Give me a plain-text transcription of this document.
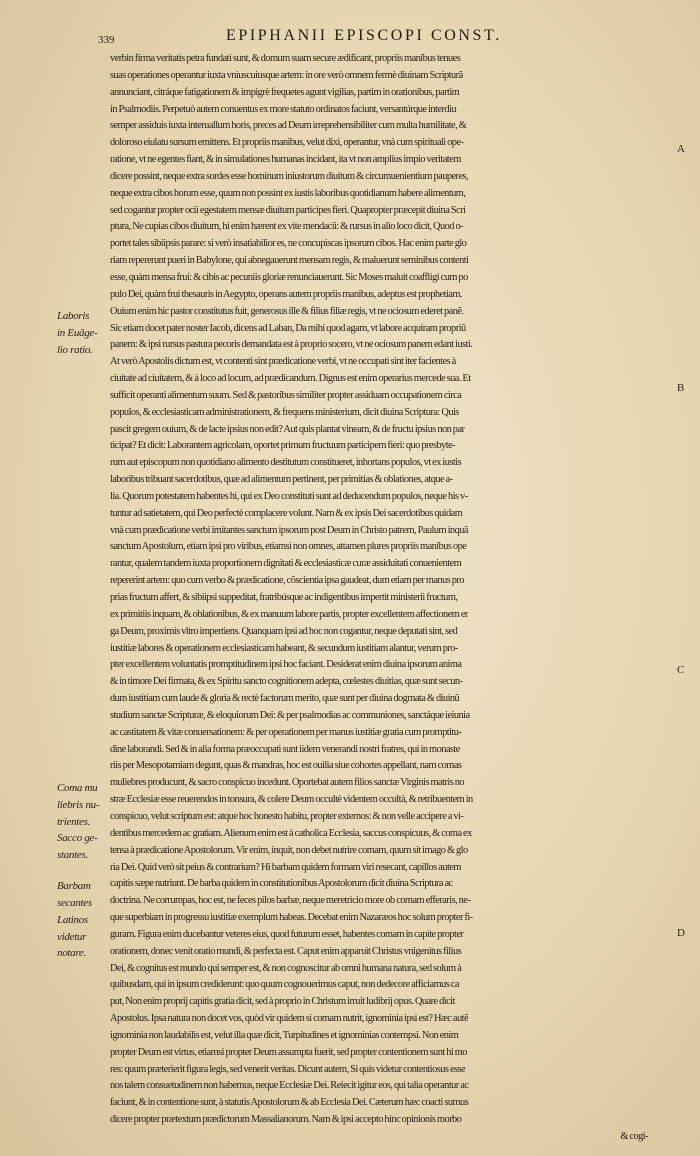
339	EPIPHANII EPISCOPI CONST.
verbin firma veritatis petra fundati sunt, & domum suam secure ædificant, propriis manibus tenues
suas operationes operantur iuxta vniuscuiusque artem: in ore verò omnem fermè diuinam Scripturã
annunciant, citráque fatigationem & impigrè frequetes agunt vigilias, partim in orationibus, partim
in Psalmodiis. Perpetuò autem conuentus ex more statuto ordinatos faciunt, versantúrque interdiu
semper assiduis iuxta interuallum horis, preces ad Deum irreprehensibiliter cum multa humilitate, &
doloroso eiulatu sursum emittens. Et propriis manibus, velut dixi, operantur, vnà cum spirituali ope-
ratione, vt ne egentes fiant, & in simulationes humanas incidant, ita vt non amplius impio veritatem
dicere possint, neque extra sordes esse hominum iniustorum diuitum & circumuenientium pauperes,
neque extra cibos horum esse, quum non possint ex iustis laboribus quotidianum habere alimentum,
sed cogantur propter ocii egestatem mensæ diuitum participes fieri. Quapropter præcepit diuina Scri
ptura, Ne cupias cibos diuitum, hi enim hærent ex vite mendacii: & rursus in alio loco dicit, Quod o-
portet tales sibiipsis parare: si verò insatiabilior es, ne concupiscas ipsorum cibos. Hac enim parte glo
riam repererunt pueri in Babylone, qui abnegauerunt mensam regis, & maluerunt seminibus contenti
esse, quàm mensa frui: & cibis ac pecuniis gloriæ renunciauerunt. Sic Moses maluit coaffligi cum po
pulo Dei, quàm frui thesauris in Aegypto, operans autem propriis manibus, adeptus est prophetiam.
Ouium enim hic pastor constitutus fuit, generosus ille & filius filiæ regis, vt ne ociosum ederet panẽ.
Sic etiam docet pater noster Iacob, dicens ad Laban, Da mihi quod agam, vt labore acquiram propriũ
panem: & ipsi rursus pastura pecoris demandata est à proprio socero, vt ne ociosum panem edant iusti.
At verò Apostolis dictum est, vt contenti sint prædicatione verbi, vt ne occupati sint iter facientes à
ciuitate ad ciuitatem, & à loco ad locum, ad prædicandum. Dignus est enim operarius mercede sua. Et
sufficit operanti alimentum suum. Sed & pastoribus similiter propter assiduam occupationem circa
populos, & ecclesiasticam administrationem, & frequens ministerium, dicit diuina Scriptura: Quis
pascit gregem ouium, & de lacte ipsius non edit? Aut quis plantat vineam, & de fructu ipsius non par
ticipat? Et dicit: Laborantem agricolam, oportet primum fructuum participem fieri: quo presbyte-
rum aut episcopum non quotidiano alimento destitutum constitueret, inhortans populos, vt ex iustis
laboribus tribuant sacerdotibus, quæ ad alimentum pertinent, per primitias & oblationes, atque a-
lia. Quorum potestatem habentes hi, qui ex Deo constituti sunt ad deducendum populos, neque his v-
tuntur ad satietatem, qui Deo perfectè complacere volunt. Nam & ex ipsis Dei sacerdotibus quidam
vnà cum prædicatione verbi imitantes sanctum ipsorum post Deum in Christo patrem, Paulum inquã
sanctum Apostolum, etiam ipsi pro viribus, etiamsi non omnes, attamen plures propriis manibus ope
rantur, qualem tandem iuxta proportionem dignitati & ecclesiasticæ curæ assiduitati conuenientem
repererint artem: quo cum verbo & prædicatione, cõscientia ipsa gaudeat, dum etiam per manus pro
prias fructum affert, & sibiipsi suppeditat, fratribúsque ac indigentibus impertit ministerii fructum,
ex primitiis inquam, & oblationibus, & ex manuum labore partis, propter excellentem affectionem er
ga Deum, proximis vltro impertiens. Quanquam ipsi ad hoc non cogantur, neque deputati sint, sed
iustitiæ labores & operationem ecclesiasticam habeant, & secundum iustitiam alantur, verum pro-
pter excellentem voluntatis promptitudinem ipsi hoc faciant. Desiderat enim diuina ipsorum anima
& in timore Dei firmata, & ex Spiritu sancto cognitionem adepta, cœlestes diuitias, quæ sunt secun-
dum iustitiam cum laude & gloria & rectè factorum merito, quæ sunt per diuina dogmata & diuinũ
studium sanctæ Scripturæ, & eloquiorum Dei: & per psalmodias ac communiones, sanctáque ieiunia
ac castitatem & vitæ conuersationem: & per operationem per manus iustitiæ gratia cum promptitu-
dine laborandi. Sed & in alia forma præoccupati sunt iidem venerandi nostri fratres, qui in monaste
riis per Mesopotamiam degunt, quas & mandras, hoc est ouilia siue cohortes appellant, nam comas
muliebres producunt, & sacro conspicuo incedunt. Oportebat autem filios sanctæ Virginis matris no
stræ Ecclesiæ esse reuerendos in tonsura, & colere Deum occultè videntem occultà, & retribuentem in
conspicuo, velut scriptum est: atque hoc honesto habitu, propter externos: & non velle accipere a vi-
dentibus mercedem ac gratiam. Alienum enim est à catholica Ecclesia, saccus conspicuus, & coma ex
tensa à prædicatione Apostolorum. Vir enim, inquit, non debet nutrire comam, quum sit imago & glo
ria Dei. Quid verò sit peius & contrarium? Hi barbam quidem formam viri resecant, capillos autem
capitis sæpe nutriunt. De barba quidem in constitutionibus Apostolorum dicit diuina Scriptura ac
doctrina. Ne corrumpas, hoc est, ne feces pilos barbæ, neque meretricio more ob comam efferaris, ne-
que superbiam in progressu iustitiæ exemplum habeas. Decebat enim Nazaræos hoc solum propter fi-
guram. Figura enim ducebantur veteres eius, quod futurum esset, habentes comam in capite propter
orationem, donec venit oratio mundi, & perfecta est. Caput enim apparuit Christus vnigenitus filius
Dei, & cognitus est mundo qui semper est, & non cognoscitur ab omni humana natura, sed solum à
quibusdam, qui in ipsum crediderunt: quo quum cognouerimus caput, non dedecore afficiamus ca
put, Non enim proprij capitis gratia dicit, sed à proprio in Christum irruit ludibrij opus. Quare dicit
Apostolus. Ipsa natura non docet vos, quòd vir quidem si comam nutrit, ignominia ipsi est? Hæc autẽ
ignominia non laudabilis est, velut illa quæ dicit, Turpitudines et ignominias contempsi. Non enim
propter Deum est virtus, etiamsi propter Deum assumpta fuerit, sed propter contentionem sunt hi mo
res: quum præterierit figura legis, sed venerit veritas. Dicunt autem, Si quis videtur contentiosus esse
nos talem consuetudinem non habemus, neque Ecclesiæ Dei. Reiecit igitur eos, qui talia operantur ac
faciunt, & in contentione sunt, à statutis Apostolorum & ab Ecclesia Dei. Cæterum hæc coacti sumus
dicere propter prætextum prædictorum Massalianorum. Nam & ipsi accepto hinc opinionis morbo
& cogi-
Laboris
in Euãge-
lio ratio.
Coma mu
liebris nu-
trientes.
Sacco ge-
stantes.
Barbam
secantes
Latinos
videtur
notare.
A
B
C
D
